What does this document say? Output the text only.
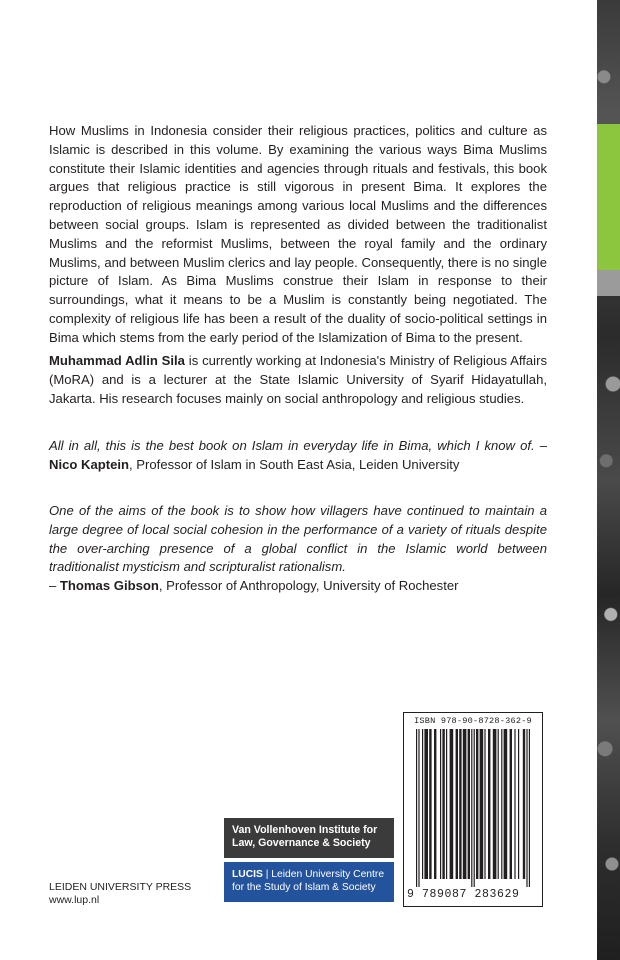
How Muslims in Indonesia consider their religious practices, politics and culture as Islamic is described in this volume. By examining the various ways Bima Muslims constitute their Islamic identities and agencies through rituals and festivals, this book argues that religious practice is still vigorous in present Bima. It explores the reproduction of religious meanings among various local Muslims and the differences between social groups. Islam is represented as divided between the traditionalist Muslims and the reformist Muslims, between the royal family and the ordinary Muslims, and between Muslim clerics and lay people. Consequently, there is no single picture of Islam. As Bima Muslims construe their Islam in response to their surroundings, what it means to be a Muslim is constantly being negotiated. The complexity of religious life has been a result of the duality of socio-political settings in Bima which stems from the early period of the Islamization of Bima to the present.

Muhammad Adlin Sila is currently working at Indonesia's Ministry of Religious Affairs (MoRA) and is a lecturer at the State Islamic University of Syarif Hidayatullah, Jakarta. His research focuses mainly on social anthropology and religious studies.

All in all, this is the best book on Islam in everyday life in Bima, which I know of. – Nico Kaptein, Professor of Islam in South East Asia, Leiden University

One of the aims of the book is to show how villagers have continued to maintain a large degree of local social cohesion in the performance of a variety of rituals despite the over-arching presence of a global conflict in the Islamic world between traditionalist mysticism and scripturalist rationalism.
– Thomas Gibson, Professor of Anthropology, University of Rochester

Van Vollenhoven Institute for
Law, Governance & Society
LUCIS | Leiden University Centre
for the Study of Islam & Society
LEIDEN UNIVERSITY PRESS
www.lup.nl
ISBN 978-90-8728-362-9
9 789087 283629
